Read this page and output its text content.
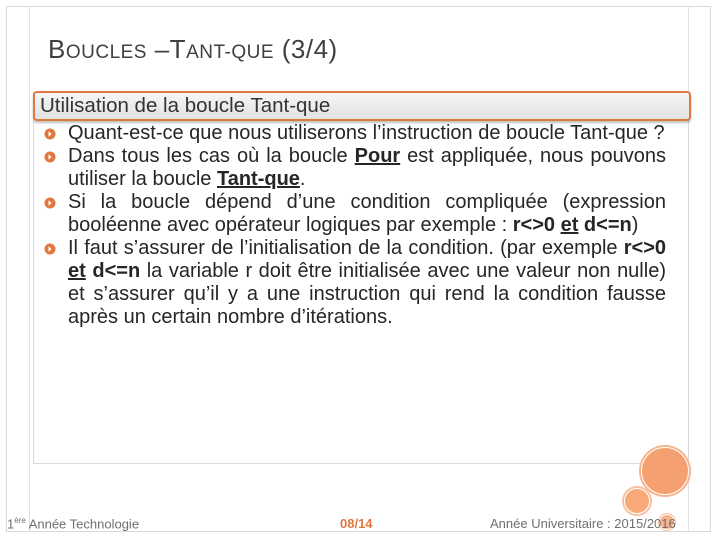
BOUCLES –TANT-QUE (3/4)
Utilisation de la boucle Tant-que
Quant-est-ce que nous utiliserons l’instruction de boucle Tant-que ?
Dans tous les cas où la boucle Pour est appliquée, nous pouvons utiliser la boucle Tant-que.
Si la boucle dépend d’une condition compliquée (expression booléenne avec opérateur logiques par exemple : r<>0 et d<=n)
Il faut s’assurer de l’initialisation de la condition. (par exemple r<>0 et d<=n la variable r doit être initialisée avec une valeur non nulle) et s’assurer qu’il y a une instruction qui rend la condition fausse après un certain nombre d’itérations.
1ère Année Technologie	08/14	Année Universitaire : 2015/2016
